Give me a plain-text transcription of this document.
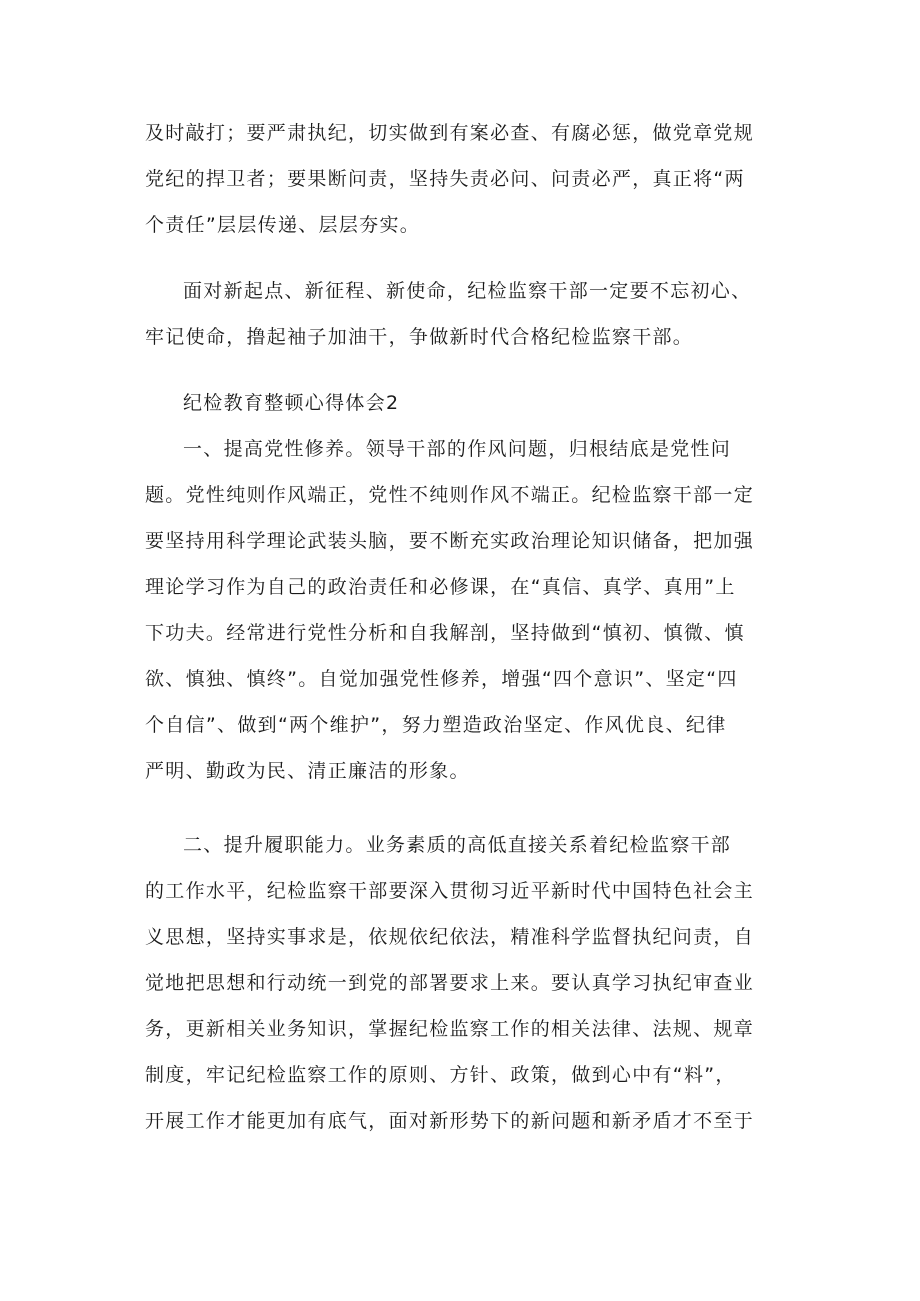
及时敲打；要严肃执纪，切实做到有案必查、有腐必惩，做党章党规
党纪的捍卫者；要果断问责，坚持失责必问、问责必严，真正将“两
个责任”层层传递、层层夯实。
面对新起点、新征程、新使命，纪检监察干部一定要不忘初心、
牢记使命，撸起袖子加油干，争做新时代合格纪检监察干部。
纪检教育整顿心得体会2
一、提高党性修养。领导干部的作风问题，归根结底是党性问
题。党性纯则作风端正，党性不纯则作风不端正。纪检监察干部一定
要坚持用科学理论武装头脑，要不断充实政治理论知识储备，把加强
理论学习作为自己的政治责任和必修课，在“真信、真学、真用”上
下功夫。经常进行党性分析和自我解剖，坚持做到“慎初、慎微、慎
欲、慎独、慎终”。自觉加强党性修养，增强“四个意识”、坚定“四
个自信”、做到“两个维护”，努力塑造政治坚定、作风优良、纪律
严明、勤政为民、清正廉洁的形象。
二、提升履职能力。业务素质的高低直接关系着纪检监察干部
的工作水平，纪检监察干部要深入贯彻习近平新时代中国特色社会主
义思想，坚持实事求是，依规依纪依法，精准科学监督执纪问责，自
觉地把思想和行动统一到党的部署要求上来。要认真学习执纪审查业
务，更新相关业务知识，掌握纪检监察工作的相关法律、法规、规章
制度，牢记纪检监察工作的原则、方针、政策，做到心中有“料”，
开展工作才能更加有底气，面对新形势下的新问题和新矛盾才不至于
